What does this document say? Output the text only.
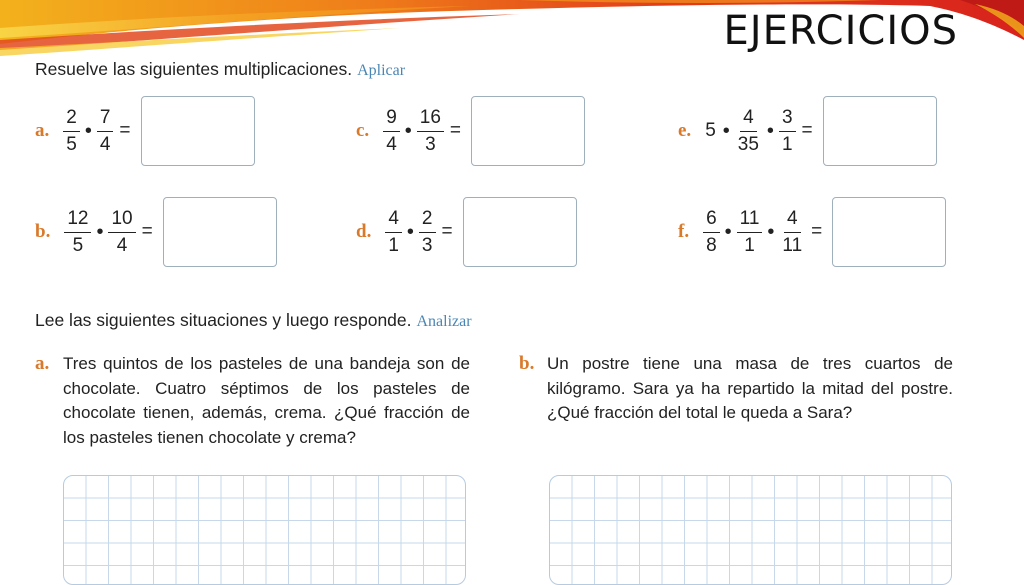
EJERCICIOS
Resuelve las siguientes multiplicaciones. Aplicar
a. $\frac{2}{5}$ • $\frac{7}{4}$ =
b. $\frac{12}{5}$ • $\frac{10}{4}$ =
c. $\frac{9}{4}$ • $\frac{16}{3}$ =
d. $\frac{4}{1}$ • $\frac{2}{3}$ =
e. 5 • $\frac{4}{35}$ • $\frac{3}{1}$ =
f. $\frac{6}{8}$ • $\frac{11}{1}$ • $\frac{4}{11}$ =
Lee las siguientes situaciones y luego responde. Analizar
a. Tres quintos de los pasteles de una bandeja son de chocolate. Cuatro séptimos de los pasteles de chocolate tienen, además, crema. ¿Qué fracción de los pasteles tienen chocolate y crema?
b. Un postre tiene una masa de tres cuartos de kilógramo. Sara ya ha repartido la mitad del postre. ¿Qué fracción del total le queda a Sara?
